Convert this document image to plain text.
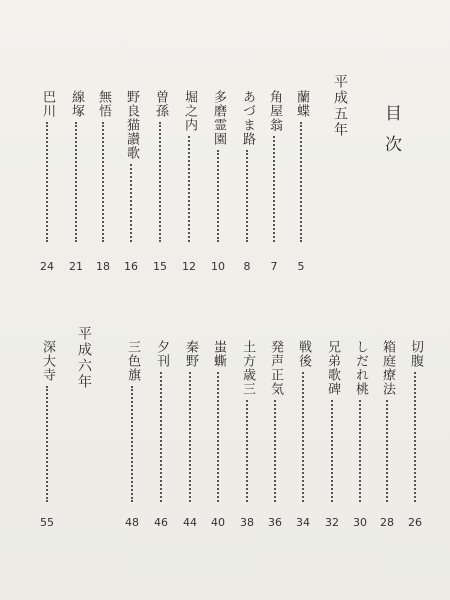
目次
平成五年
蘭蝶
5
角屋翁
7
あづま路
8
多磨霊園
10
堀之内
12
曽孫
15
野良猫讃歌
16
無悟
18
線塚
21
巴川
24
切腹
26
箱庭療法
28
しだれ桃
30
兄弟歌碑
32
戦後
34
発声正気
36
土方歳三
38
蚩蟖
40
秦野
44
夕刊
46
三色旗
48
平成六年
深大寺
55
